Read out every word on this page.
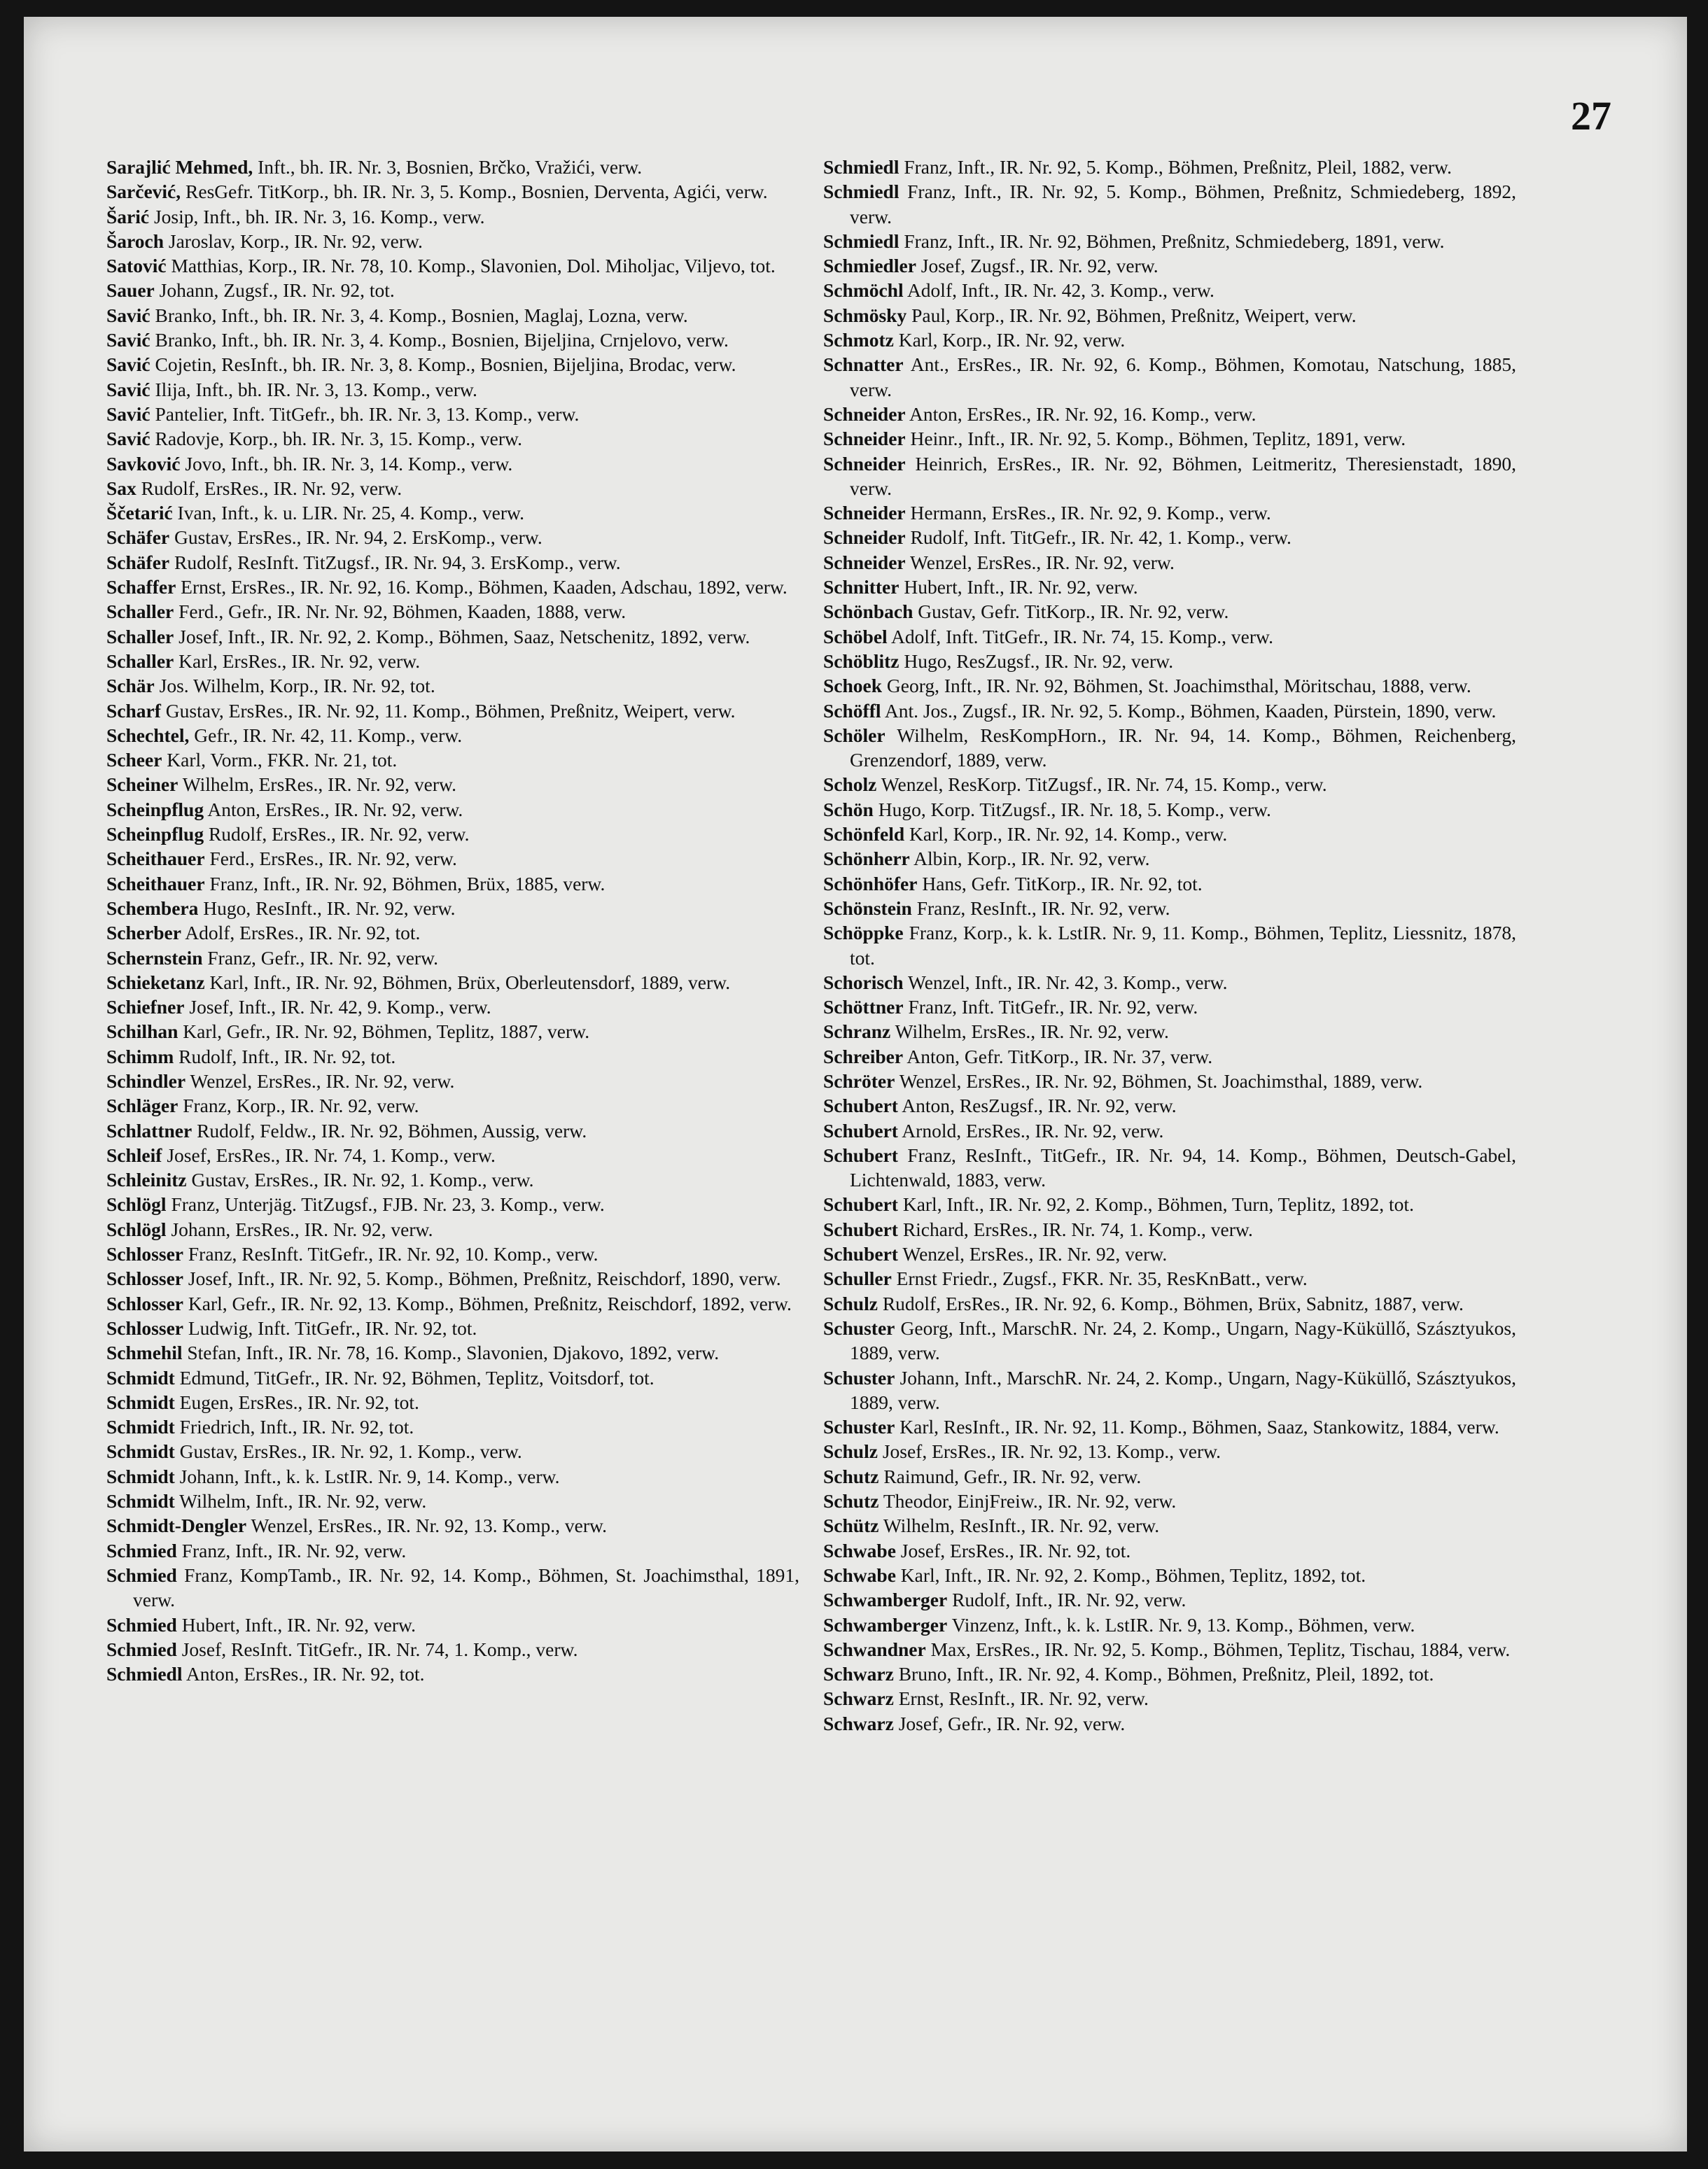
27
Sarajlić Mehmed, Inft., bh. IR. Nr. 3, Bosnien, Brčko, Vražići, verw.
Sarčević, ResGefr. TitKorp., bh. IR. Nr. 3, 5. Komp., Bosnien, Derventa, Agići, verw.
Šarić Josip, Inft., bh. IR. Nr. 3, 16. Komp., verw.
Šaroch Jaroslav, Korp., IR. Nr. 92, verw.
Satović Matthias, Korp., IR. Nr. 78, 10. Komp., Slavonien, Dol. Miholjac, Viljevo, tot.
Sauer Johann, Zugsf., IR. Nr. 92, tot.
Savić Branko, Inft., bh. IR. Nr. 3, 4. Komp., Bosnien, Maglaj, Lozna, verw.
Savić Branko, Inft., bh. IR. Nr. 3, 4. Komp., Bosnien, Bijeljina, Crnjelovo, verw.
Savić Cojetin, ResInft., bh. IR. Nr. 3, 8. Komp., Bosnien, Bijeljina, Brodac, verw.
Savić Ilija, Inft., bh. IR. Nr. 3, 13. Komp., verw.
Savić Pantelier, Inft. TitGefr., bh. IR. Nr. 3, 13. Komp., verw.
Savić Radovje, Korp., bh. IR. Nr. 3, 15. Komp., verw.
Savković Jovo, Inft., bh. IR. Nr. 3, 14. Komp., verw.
Sax Rudolf, ErsRes., IR. Nr. 92, verw.
Ščetarić Ivan, Inft., k. u. LIR. Nr. 25, 4. Komp., verw.
Schäfer Gustav, ErsRes., IR. Nr. 94, 2. ErsKomp., verw.
Schäfer Rudolf, ResInft. TitZugsf., IR. Nr. 94, 3. ErsKomp., verw.
Schaffer Ernst, ErsRes., IR. Nr. 92, 16. Komp., Böhmen, Kaaden, Adschau, 1892, verw.
Schaller Ferd., Gefr., IR. Nr. Nr. 92, Böhmen, Kaaden, 1888, verw.
Schaller Josef, Inft., IR. Nr. 92, 2. Komp., Böhmen, Saaz, Netschenitz, 1892, verw.
Schaller Karl, ErsRes., IR. Nr. 92, verw.
Schär Jos. Wilhelm, Korp., IR. Nr. 92, tot.
Scharf Gustav, ErsRes., IR. Nr. 92, 11. Komp., Böhmen, Preßnitz, Weipert, verw.
Schechtel, Gefr., IR. Nr. 42, 11. Komp., verw.
Scheer Karl, Vorm., FKR. Nr. 21, tot.
Scheiner Wilhelm, ErsRes., IR. Nr. 92, verw.
Scheinpflug Anton, ErsRes., IR. Nr. 92, verw.
Scheinpflug Rudolf, ErsRes., IR. Nr. 92, verw.
Scheithauer Ferd., ErsRes., IR. Nr. 92, verw.
Scheithauer Franz, Inft., IR. Nr. 92, Böhmen, Brüx, 1885, verw.
Schembera Hugo, ResInft., IR. Nr. 92, verw.
Scherber Adolf, ErsRes., IR. Nr. 92, tot.
Schernstein Franz, Gefr., IR. Nr. 92, verw.
Schieketanz Karl, Inft., IR. Nr. 92, Böhmen, Brüx, Oberleutensdorf, 1889, verw.
Schiefner Josef, Inft., IR. Nr. 42, 9. Komp., verw.
Schilhan Karl, Gefr., IR. Nr. 92, Böhmen, Teplitz, 1887, verw.
Schimm Rudolf, Inft., IR. Nr. 92, tot.
Schindler Wenzel, ErsRes., IR. Nr. 92, verw.
Schläger Franz, Korp., IR. Nr. 92, verw.
Schlattner Rudolf, Feldw., IR. Nr. 92, Böhmen, Aussig, verw.
Schleif Josef, ErsRes., IR. Nr. 74, 1. Komp., verw.
Schleinitz Gustav, ErsRes., IR. Nr. 92, 1. Komp., verw.
Schlögl Franz, Unterjäg. TitZugsf., FJB. Nr. 23, 3. Komp., verw.
Schlögl Johann, ErsRes., IR. Nr. 92, verw.
Schlosser Franz, ResInft. TitGefr., IR. Nr. 92, 10. Komp., verw.
Schlosser Josef, Inft., IR. Nr. 92, 5. Komp., Böhmen, Preßnitz, Reischdorf, 1890, verw.
Schlosser Karl, Gefr., IR. Nr. 92, 13. Komp., Böhmen, Preßnitz, Reischdorf, 1892, verw.
Schlosser Ludwig, Inft. TitGefr., IR. Nr. 92, tot.
Schmehil Stefan, Inft., IR. Nr. 78, 16. Komp., Slavonien, Djakovo, 1892, verw.
Schmidt Edmund, TitGefr., IR. Nr. 92, Böhmen, Teplitz, Voitsdorf, tot.
Schmidt Eugen, ErsRes., IR. Nr. 92, tot.
Schmidt Friedrich, Inft., IR. Nr. 92, tot.
Schmidt Gustav, ErsRes., IR. Nr. 92, 1. Komp., verw.
Schmidt Johann, Inft., k. k. LstIR. Nr. 9, 14. Komp., verw.
Schmidt Wilhelm, Inft., IR. Nr. 92, verw.
Schmidt-Dengler Wenzel, ErsRes., IR. Nr. 92, 13. Komp., verw.
Schmied Franz, Inft., IR. Nr. 92, verw.
Schmied Franz, KompTamb., IR. Nr. 92, 14. Komp., Böhmen, St. Joachimsthal, 1891, verw.
Schmied Hubert, Inft., IR. Nr. 92, verw.
Schmied Josef, ResInft. TitGefr., IR. Nr. 74, 1. Komp., verw.
Schmiedl Anton, ErsRes., IR. Nr. 92, tot.
Schmiedl Franz, Inft., IR. Nr. 92, 5. Komp., Böhmen, Preßnitz, Pleil, 1882, verw.
Schmiedl Franz, Inft., IR. Nr. 92, 5. Komp., Böhmen, Preßnitz, Schmiedeberg, 1892, verw.
Schmiedl Franz, Inft., IR. Nr. 92, Böhmen, Preßnitz, Schmiedeberg, 1891, verw.
Schmiedler Josef, Zugsf., IR. Nr. 92, verw.
Schmöchl Adolf, Inft., IR. Nr. 42, 3. Komp., verw.
Schmösky Paul, Korp., IR. Nr. 92, Böhmen, Preßnitz, Weipert, verw.
Schmotz Karl, Korp., IR. Nr. 92, verw.
Schnatter Ant., ErsRes., IR. Nr. 92, 6. Komp., Böhmen, Komotau, Natschung, 1885, verw.
Schneider Anton, ErsRes., IR. Nr. 92, 16. Komp., verw.
Schneider Heinr., Inft., IR. Nr. 92, 5. Komp., Böhmen, Teplitz, 1891, verw.
Schneider Heinrich, ErsRes., IR. Nr. 92, Böhmen, Leitmeritz, Theresienstadt, 1890, verw.
Schneider Hermann, ErsRes., IR. Nr. 92, 9. Komp., verw.
Schneider Rudolf, Inft. TitGefr., IR. Nr. 42, 1. Komp., verw.
Schneider Wenzel, ErsRes., IR. Nr. 92, verw.
Schnitter Hubert, Inft., IR. Nr. 92, verw.
Schönbach Gustav, Gefr. TitKorp., IR. Nr. 92, verw.
Schöbel Adolf, Inft. TitGefr., IR. Nr. 74, 15. Komp., verw.
Schöblitz Hugo, ResZugsf., IR. Nr. 92, verw.
Schoek Georg, Inft., IR. Nr. 92, Böhmen, St. Joachimsthal, Möritschau, 1888, verw.
Schöffl Ant. Jos., Zugsf., IR. Nr. 92, 5. Komp., Böhmen, Kaaden, Pürstein, 1890, verw.
Schöler Wilhelm, ResKompHorn., IR. Nr. 94, 14. Komp., Böhmen, Reichenberg, Grenzendorf, 1889, verw.
Scholz Wenzel, ResKorp. TitZugsf., IR. Nr. 74, 15. Komp., verw.
Schön Hugo, Korp. TitZugsf., IR. Nr. 18, 5. Komp., verw.
Schönfeld Karl, Korp., IR. Nr. 92, 14. Komp., verw.
Schönherr Albin, Korp., IR. Nr. 92, verw.
Schönhöfer Hans, Gefr. TitKorp., IR. Nr. 92, tot.
Schönstein Franz, ResInft., IR. Nr. 92, verw.
Schöppke Franz, Korp., k. k. LstIR. Nr. 9, 11. Komp., Böhmen, Teplitz, Liessnitz, 1878, tot.
Schorisch Wenzel, Inft., IR. Nr. 42, 3. Komp., verw.
Schöttner Franz, Inft. TitGefr., IR. Nr. 92, verw.
Schranz Wilhelm, ErsRes., IR. Nr. 92, verw.
Schreiber Anton, Gefr. TitKorp., IR. Nr. 37, verw.
Schröter Wenzel, ErsRes., IR. Nr. 92, Böhmen, St. Joachimsthal, 1889, verw.
Schubert Anton, ResZugsf., IR. Nr. 92, verw.
Schubert Arnold, ErsRes., IR. Nr. 92, verw.
Schubert Franz, ResInft., TitGefr., IR. Nr. 94, 14. Komp., Böhmen, Deutsch-Gabel, Lichtenwald, 1883, verw.
Schubert Karl, Inft., IR. Nr. 92, 2. Komp., Böhmen, Turn, Teplitz, 1892, tot.
Schubert Richard, ErsRes., IR. Nr. 74, 1. Komp., verw.
Schubert Wenzel, ErsRes., IR. Nr. 92, verw.
Schuller Ernst Friedr., Zugsf., FKR. Nr. 35, ResKnBatt., verw.
Schulz Rudolf, ErsRes., IR. Nr. 92, 6. Komp., Böhmen, Brüx, Sabnitz, 1887, verw.
Schuster Georg, Inft., MarschR. Nr. 24, 2. Komp., Ungarn, Nagy-Küküllő, Szásztyukos, 1889, verw.
Schuster Johann, Inft., MarschR. Nr. 24, 2. Komp., Ungarn, Nagy-Küküllő, Szásztyukos, 1889, verw.
Schuster Karl, ResInft., IR. Nr. 92, 11. Komp., Böhmen, Saaz, Stankowitz, 1884, verw.
Schulz Josef, ErsRes., IR. Nr. 92, 13. Komp., verw.
Schutz Raimund, Gefr., IR. Nr. 92, verw.
Schutz Theodor, EinjFreiw., IR. Nr. 92, verw.
Schütz Wilhelm, ResInft., IR. Nr. 92, verw.
Schwabe Josef, ErsRes., IR. Nr. 92, tot.
Schwabe Karl, Inft., IR. Nr. 92, 2. Komp., Böhmen, Teplitz, 1892, tot.
Schwamberger Rudolf, Inft., IR. Nr. 92, verw.
Schwamberger Vinzenz, Inft., k. k. LstIR. Nr. 9, 13. Komp., Böhmen, verw.
Schwandner Max, ErsRes., IR. Nr. 92, 5. Komp., Böhmen, Teplitz, Tischau, 1884, verw.
Schwarz Bruno, Inft., IR. Nr. 92, 4. Komp., Böhmen, Preßnitz, Pleil, 1892, tot.
Schwarz Ernst, ResInft., IR. Nr. 92, verw.
Schwarz Josef, Gefr., IR. Nr. 92, verw.
